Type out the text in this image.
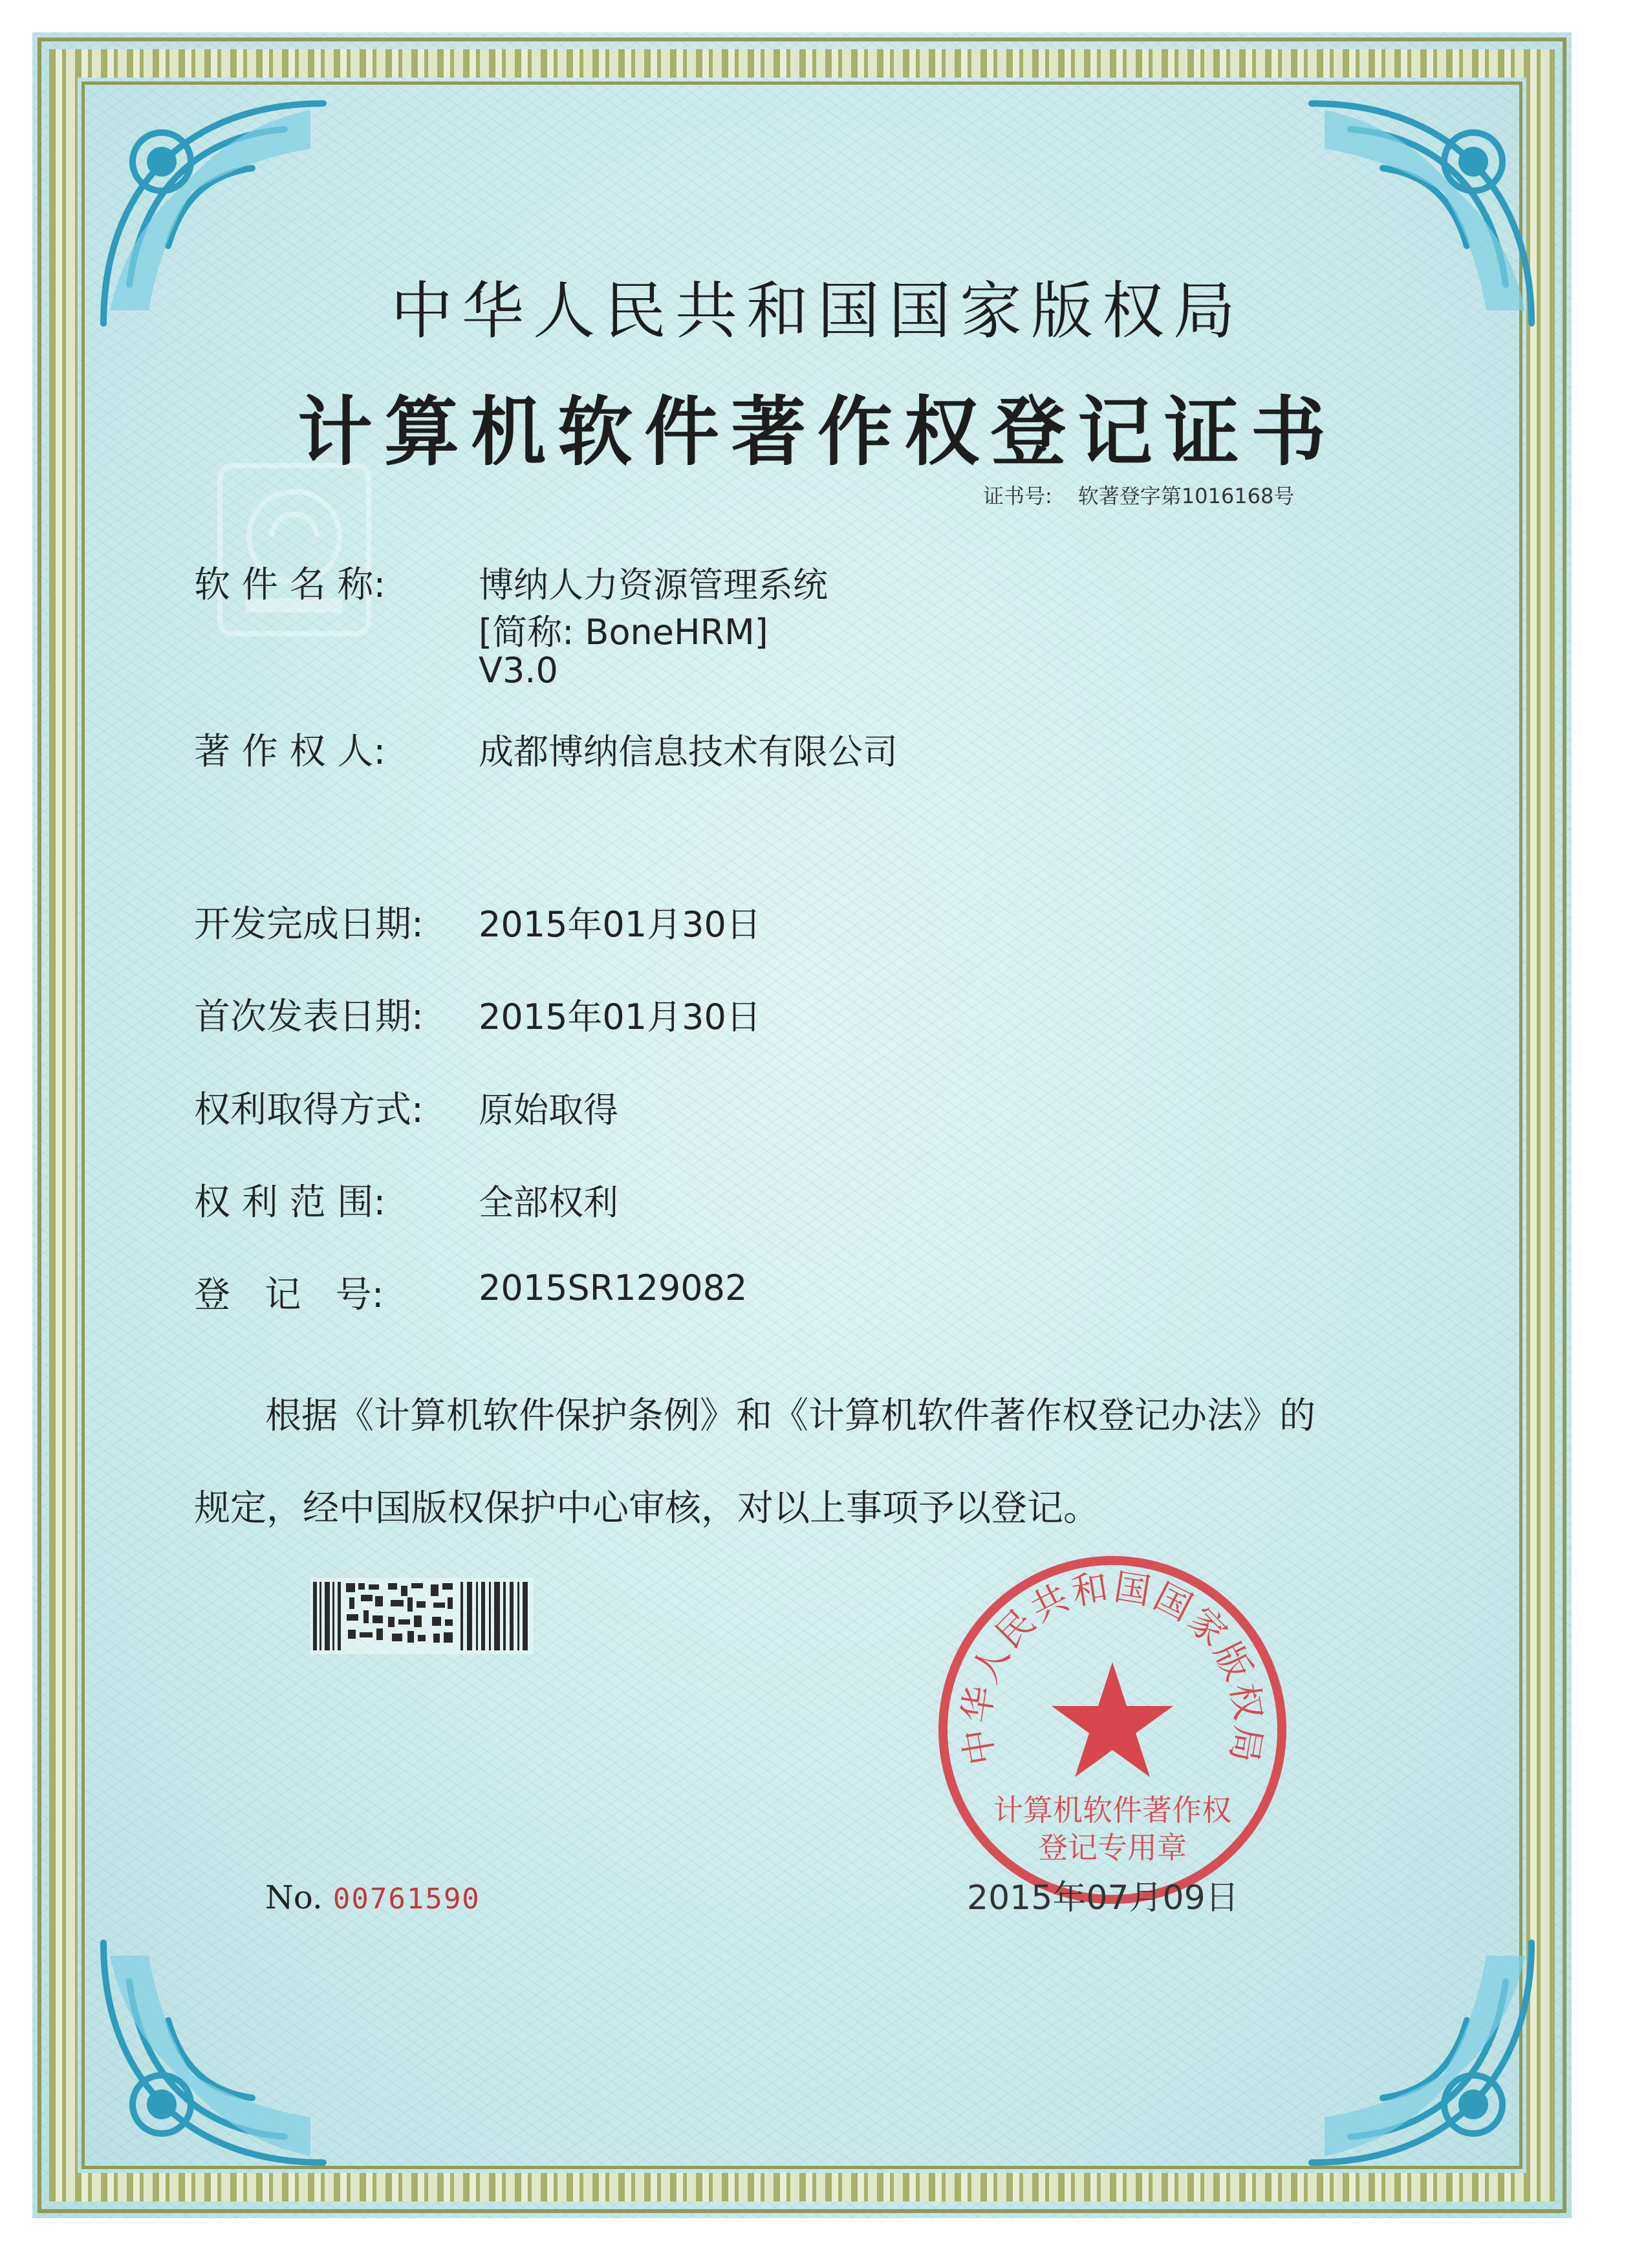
中华人民共和国国家版权局
计算机软件著作权登记证书
证书号: 软著登字第1016168号
软 件 名 称:	博纳人力资源管理系统
[简称: BoneHRM]
V3.0
著 作 权 人:	成都博纳信息技术有限公司
开发完成日期: 2015年01月30日
首次发表日期: 2015年01月30日
权利取得方式: 原始取得
权 利 范 围:	全部权利
登   记   号:	2015SR129082
根据《计算机软件保护条例》和《计算机软件著作权登记办法》的
规定，经中国版权保护中心审核，对以上事项予以登记。
中华人民共和国国家版权局
计算机软件著作权
登记专用章
No. 00761590	2015年07月09日
